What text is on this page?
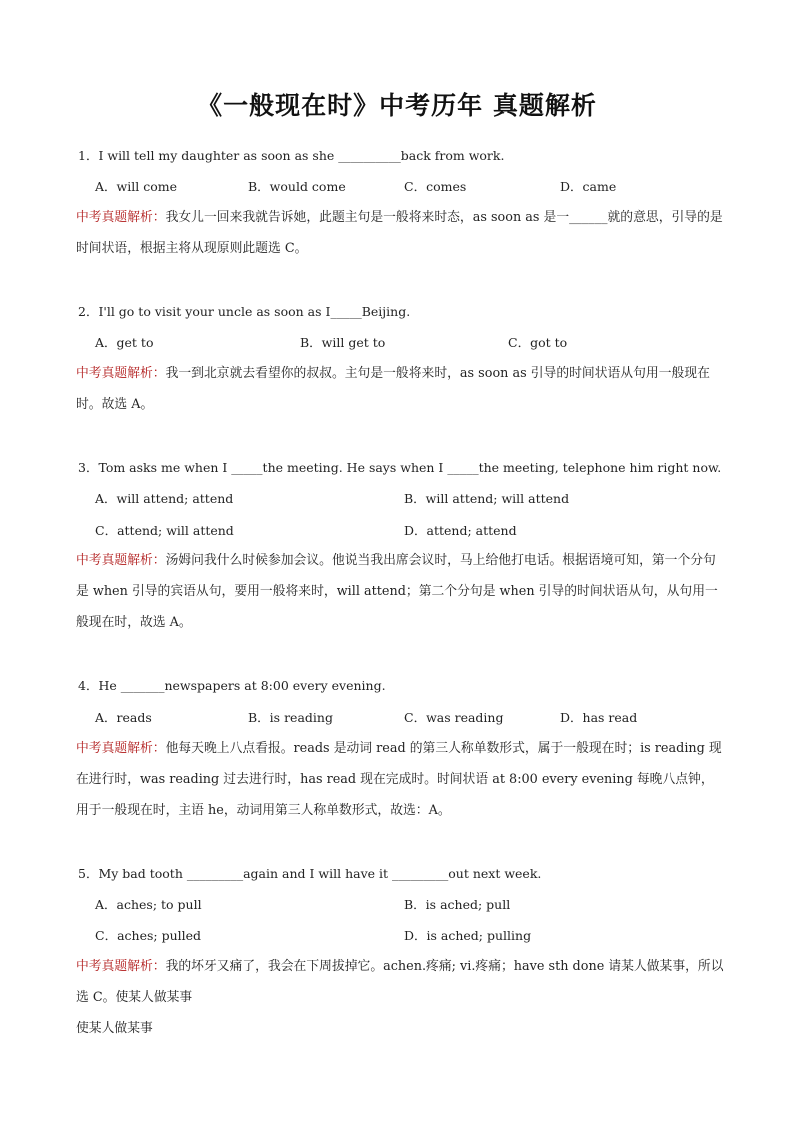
《一般现在时》中考历年 真题解析
1．I will tell my daughter as soon as she __________back from work.
A．will come	B．would come	C．comes	D．came
中考真题解析：我女儿一回来我就告诉她，此题主句是一般将来时态，as soon as 是一______就的意思，引导的是时间状语，根据主将从现原则此题选 C。
2．I'll go to visit your uncle as soon as I_____Beijing.
A．get to	B．will get to	C．got to
中考真题解析：我一到北京就去看望你的叔叔。主句是一般将来时，as soon as 引导的时间状语从句用一般现在时。故选 A。
3．Tom asks me when I _____the meeting. He says when I _____the meeting, telephone him right now.
A．will attend; attend	B．will attend; will attend
C．attend; will attend	D．attend; attend
中考真题解析：汤姆问我什么时候参加会议。他说当我出席会议时，马上给他打电话。根据语境可知，第一个分句是 when 引导的宾语从句，要用一般将来时，will attend；第二个分句是 when 引导的时间状语从句，从句用一般现在时，故选 A。
4．He _______newspapers at 8:00 every evening.
A．reads	B．is reading	C．was reading	D．has read
中考真题解析：他每天晚上八点看报。reads 是动词 read 的第三人称单数形式，属于一般现在时；is reading 现在进行时，was reading 过去进行时，has read 现在完成时。时间状语 at 8:00 every evening 每晚八点钟，用于一般现在时，主语 he，动词用第三人称单数形式，故选：A。
5．My bad tooth _________again and I will have it _________out next week.
A．aches; to pull	B．is ached; pull
C．aches; pulled	D．is ached; pulling
中考真题解析：我的坏牙又痛了，我会在下周拔掉它。achen.疼痛; vi.疼痛；have sth done 请某人做某事，所以选 C。使某人做某事
使某人做某事
